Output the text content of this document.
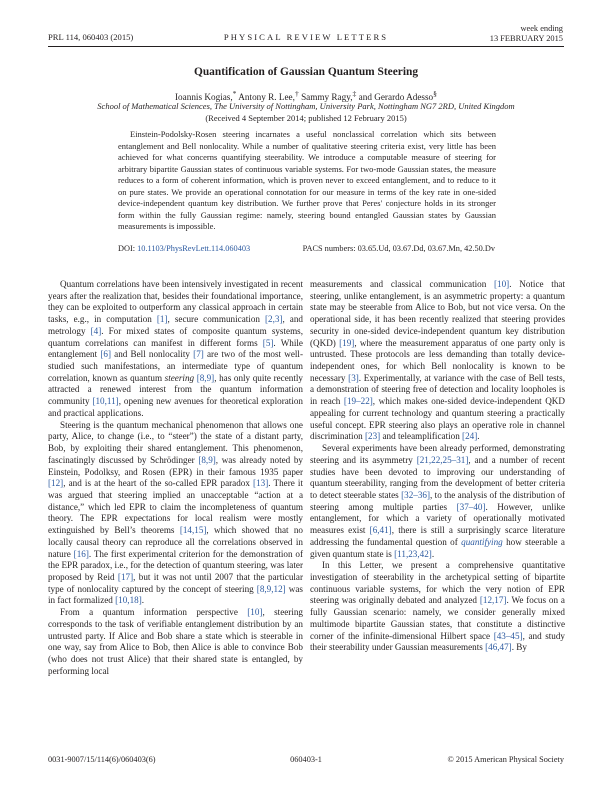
PRL 114, 060403 (2015)	PHYSICAL REVIEW LETTERS
week ending
13 FEBRUARY 2015
Quantification of Gaussian Quantum Steering
Ioannis Kogias,* Antony R. Lee,† Sammy Ragy,‡ and Gerardo Adesso§
School of Mathematical Sciences, The University of Nottingham, University Park, Nottingham NG7 2RD, United Kingdom
(Received 4 September 2014; published 12 February 2015)

Einstein-Podolsky-Rosen steering incarnates a useful nonclassical correlation which sits between entanglement and Bell nonlocality. While a number of qualitative steering criteria exist, very little has been achieved for what concerns quantifying steerability. We introduce a computable measure of steering for arbitrary bipartite Gaussian states of continuous variable systems. For two-mode Gaussian states, the measure reduces to a form of coherent information, which is proven never to exceed entanglement, and to reduce to it on pure states. We provide an operational connotation for our measure in terms of the key rate in one-sided device-independent quantum key distribution. We further prove that Peres' conjecture holds in its stronger form within the fully Gaussian regime: namely, steering bound entangled Gaussian states by Gaussian measurements is impossible.

DOI: 10.1103/PhysRevLett.114.060403	PACS numbers: 03.65.Ud, 03.67.Dd, 03.67.Mn, 42.50.Dv

Quantum correlations have been intensively investigated in recent years after the realization that, besides their foundational importance, they can be exploited to outperform any classical approach in certain tasks, e.g., in computation [1], secure communication [2,3], and metrology [4]. For mixed states of composite quantum systems, quantum correlations can manifest in different forms [5]. While entanglement [6] and Bell nonlocality [7] are two of the most well-studied such manifestations, an intermediate type of quantum correlation, known as quantum steering [8,9], has only quite recently attracted a renewed interest from the quantum information community [10,11], opening new avenues for theoretical exploration and practical applications.

Steering is the quantum mechanical phenomenon that allows one party, Alice, to change (i.e., to “steer”) the state of a distant party, Bob, by exploiting their shared entanglement. This phenomenon, fascinatingly discussed by Schrödinger [8,9], was already noted by Einstein, Podolksy, and Rosen (EPR) in their famous 1935 paper [12], and is at the heart of the so-called EPR paradox [13]. There it was argued that steering implied an unacceptable “action at a distance,” which led EPR to claim the incompleteness of quantum theory. The EPR expectations for local realism were mostly extinguished by Bell’s theorems [14,15], which showed that no locally causal theory can reproduce all the correlations observed in nature [16]. The first experimental criterion for the demonstration of the EPR paradox, i.e., for the detection of quantum steering, was later proposed by Reid [17], but it was not until 2007 that the particular type of nonlocality captured by the concept of steering [8,9,12] was in fact formalized [10,18].

From a quantum information perspective [10], steering corresponds to the task of verifiable entanglement distribution by an untrusted party. If Alice and Bob share a state which is steerable in one way, say from Alice to Bob, then Alice is able to convince Bob (who does not trust Alice) that their shared state is entangled, by performing local

measurements and classical communication [10]. Notice that steering, unlike entanglement, is an asymmetric property: a quantum state may be steerable from Alice to Bob, but not vice versa. On the operational side, it has been recently realized that steering provides security in one-sided device-independent quantum key distribution (QKD) [19], where the measurement apparatus of one party only is untrusted. These protocols are less demanding than totally device-independent ones, for which Bell nonlocality is known to be necessary [3]. Experimentally, at variance with the case of Bell tests, a demonstration of steering free of detection and locality loopholes is in reach [19–22], which makes one-sided device-independent QKD appealing for current technology and quantum steering a practically useful concept. EPR steering also plays an operative role in channel discrimination [23] and teleamplification [24].

Several experiments have been already performed, demonstrating steering and its asymmetry [21,22,25–31], and a number of recent studies have been devoted to improving our understanding of quantum steerability, ranging from the development of better criteria to detect steerable states [32–36], to the analysis of the distribution of steering among multiple parties [37–40]. However, unlike entanglement, for which a variety of operationally motivated measures exist [6,41], there is still a surprisingly scarce literature addressing the fundamental question of quantifying how steerable a given quantum state is [11,23,42].

In this Letter, we present a comprehensive quantitative investigation of steerability in the archetypical setting of bipartite continuous variable systems, for which the very notion of EPR steering was originally debated and analyzed [12,17]. We focus on a fully Gaussian scenario: namely, we consider generally mixed multimode bipartite Gaussian states, that constitute a distinctive corner of the infinite-dimensional Hilbert space [43–45], and study their steerability under Gaussian measurements [46,47]. By

0031-9007/15/114(6)/060403(6)	060403-1	© 2015 American Physical Society
